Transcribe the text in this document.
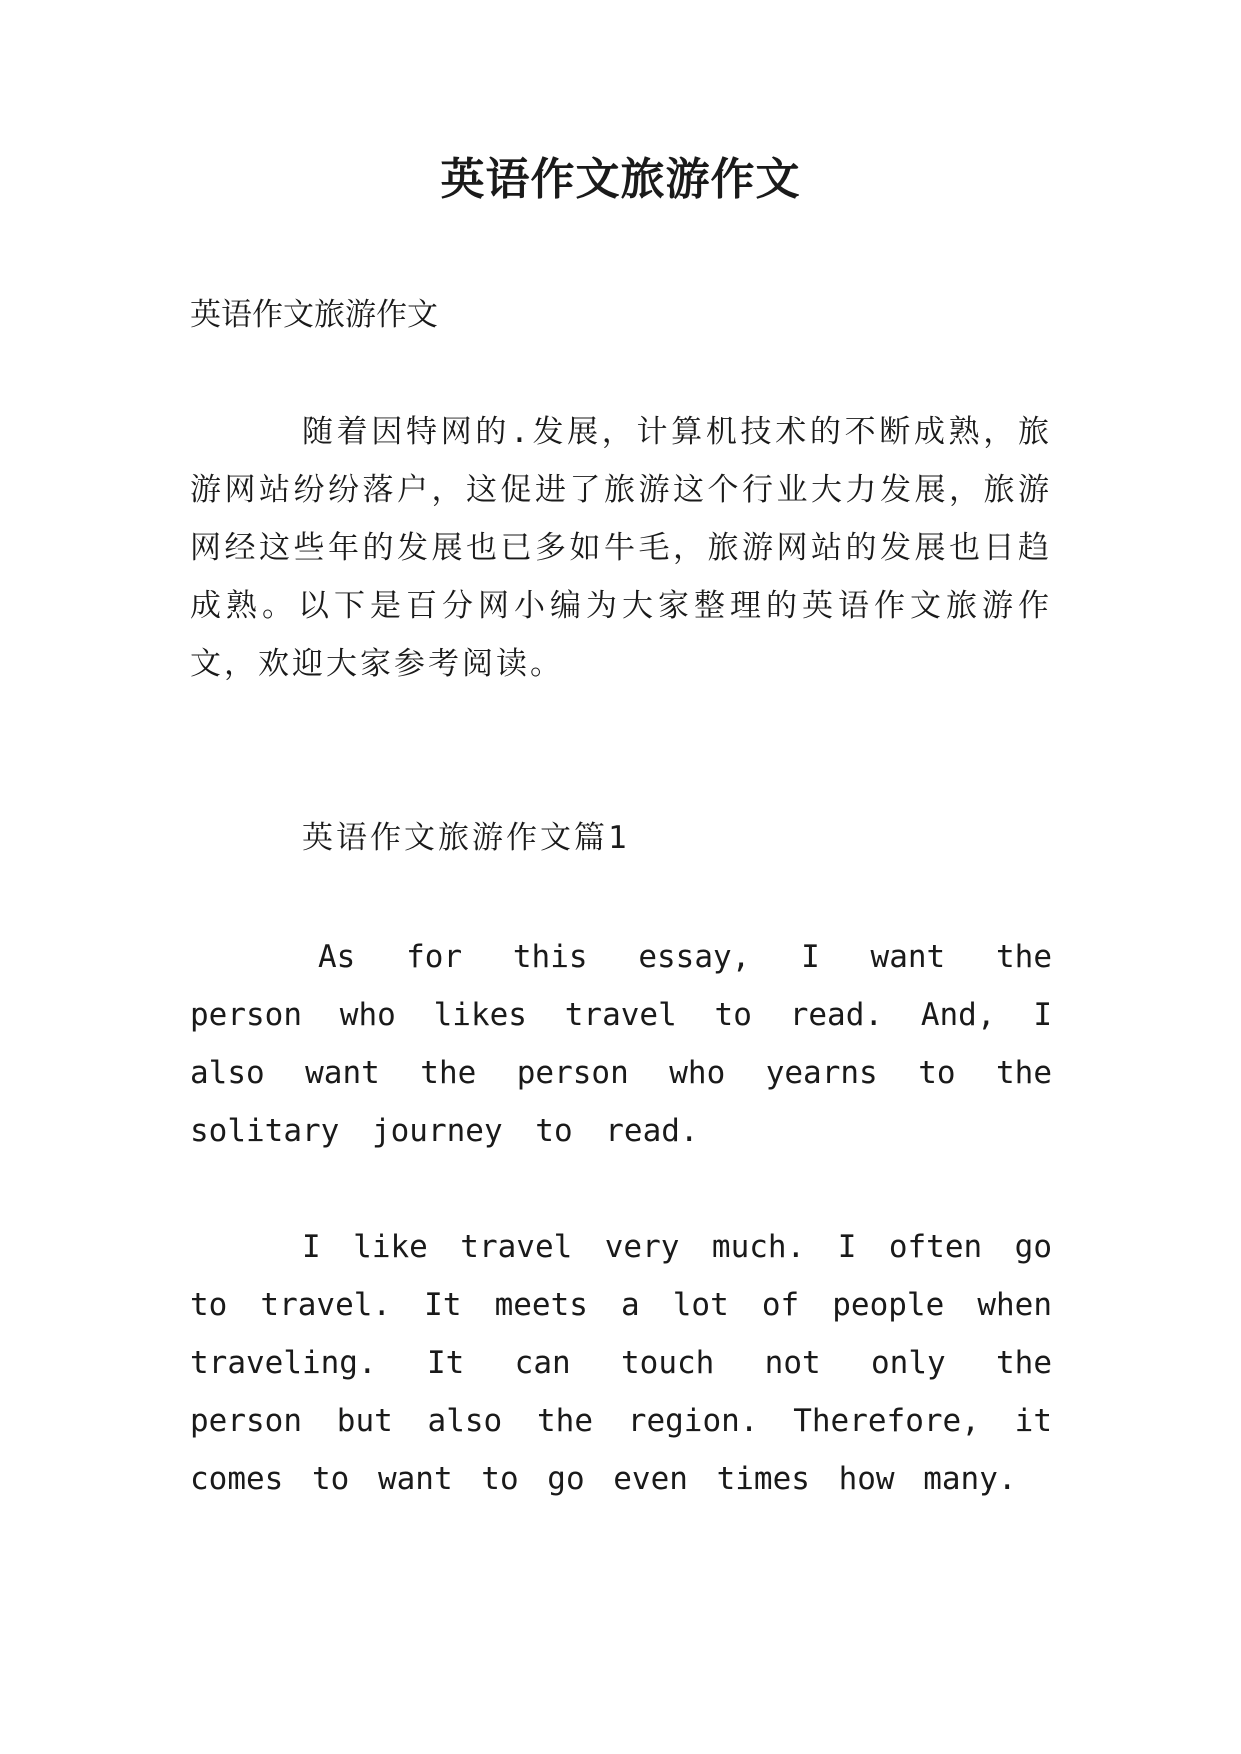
英语作文旅游作文

英语作文旅游作文

随着因特网的.发展，计算机技术的不断成熟，旅游网站纷纷落户，这促进了旅游这个行业大力发展，旅游网经这些年的发展也已多如牛毛，旅游网站的发展也日趋成熟。以下是百分网小编为大家整理的英语作文旅游作文，欢迎大家参考阅读。

英语作文旅游作文篇1

As for this essay, I want the person who likes travel to read. And, I also want the person who yearns to the solitary journey to read.

I like travel very much. I often go to travel. It meets a lot of people when traveling. It can touch not only the person but also the region. Therefore, it comes to want to go even times how many.
